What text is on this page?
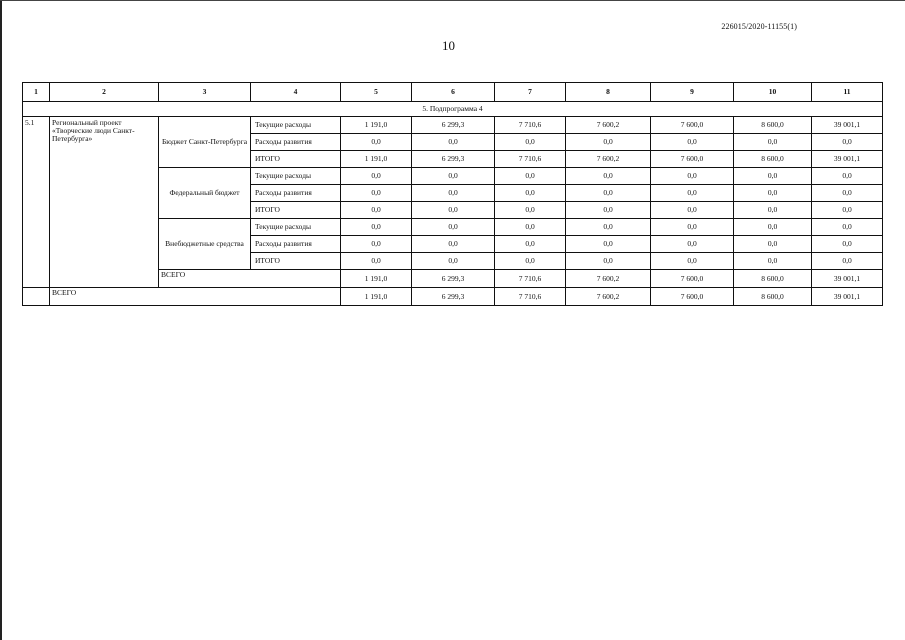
226015/2020-11155(1)
10
1	2	3	4	5	6	7	8	9	10	11
5. Подпрограмма 4										
5.1	Региональный проект «Творческие люди Санкт-Петербурга»	Бюджет Санкт-Петербурга	Текущие расходы	1 191,0	6 299,3	7 710,6	7 600,2	7 600,0	8 600,0	39 001,1
			Расходы развития	0,0	0,0	0,0	0,0	0,0	0,0	0,0
			ИТОГО	1 191,0	6 299,3	7 710,6	7 600,2	7 600,0	8 600,0	39 001,1
		Федеральный бюджет	Текущие расходы	0,0	0,0	0,0	0,0	0,0	0,0	0,0
			Расходы развития	0,0	0,0	0,0	0,0	0,0	0,0	0,0
			ИТОГО	0,0	0,0	0,0	0,0	0,0	0,0	0,0
		Внебюджетные средства	Текущие расходы	0,0	0,0	0,0	0,0	0,0	0,0	0,0
			Расходы развития	0,0	0,0	0,0	0,0	0,0	0,0	0,0
			ИТОГО	0,0	0,0	0,0	0,0	0,0	0,0	0,0
		ВСЕГО		1 191,0	6 299,3	7 710,6	7 600,2	7 600,0	8 600,0	39 001,1
	ВСЕГО			1 191,0	6 299,3	7 710,6	7 600,2	7 600,0	8 600,0	39 001,1
